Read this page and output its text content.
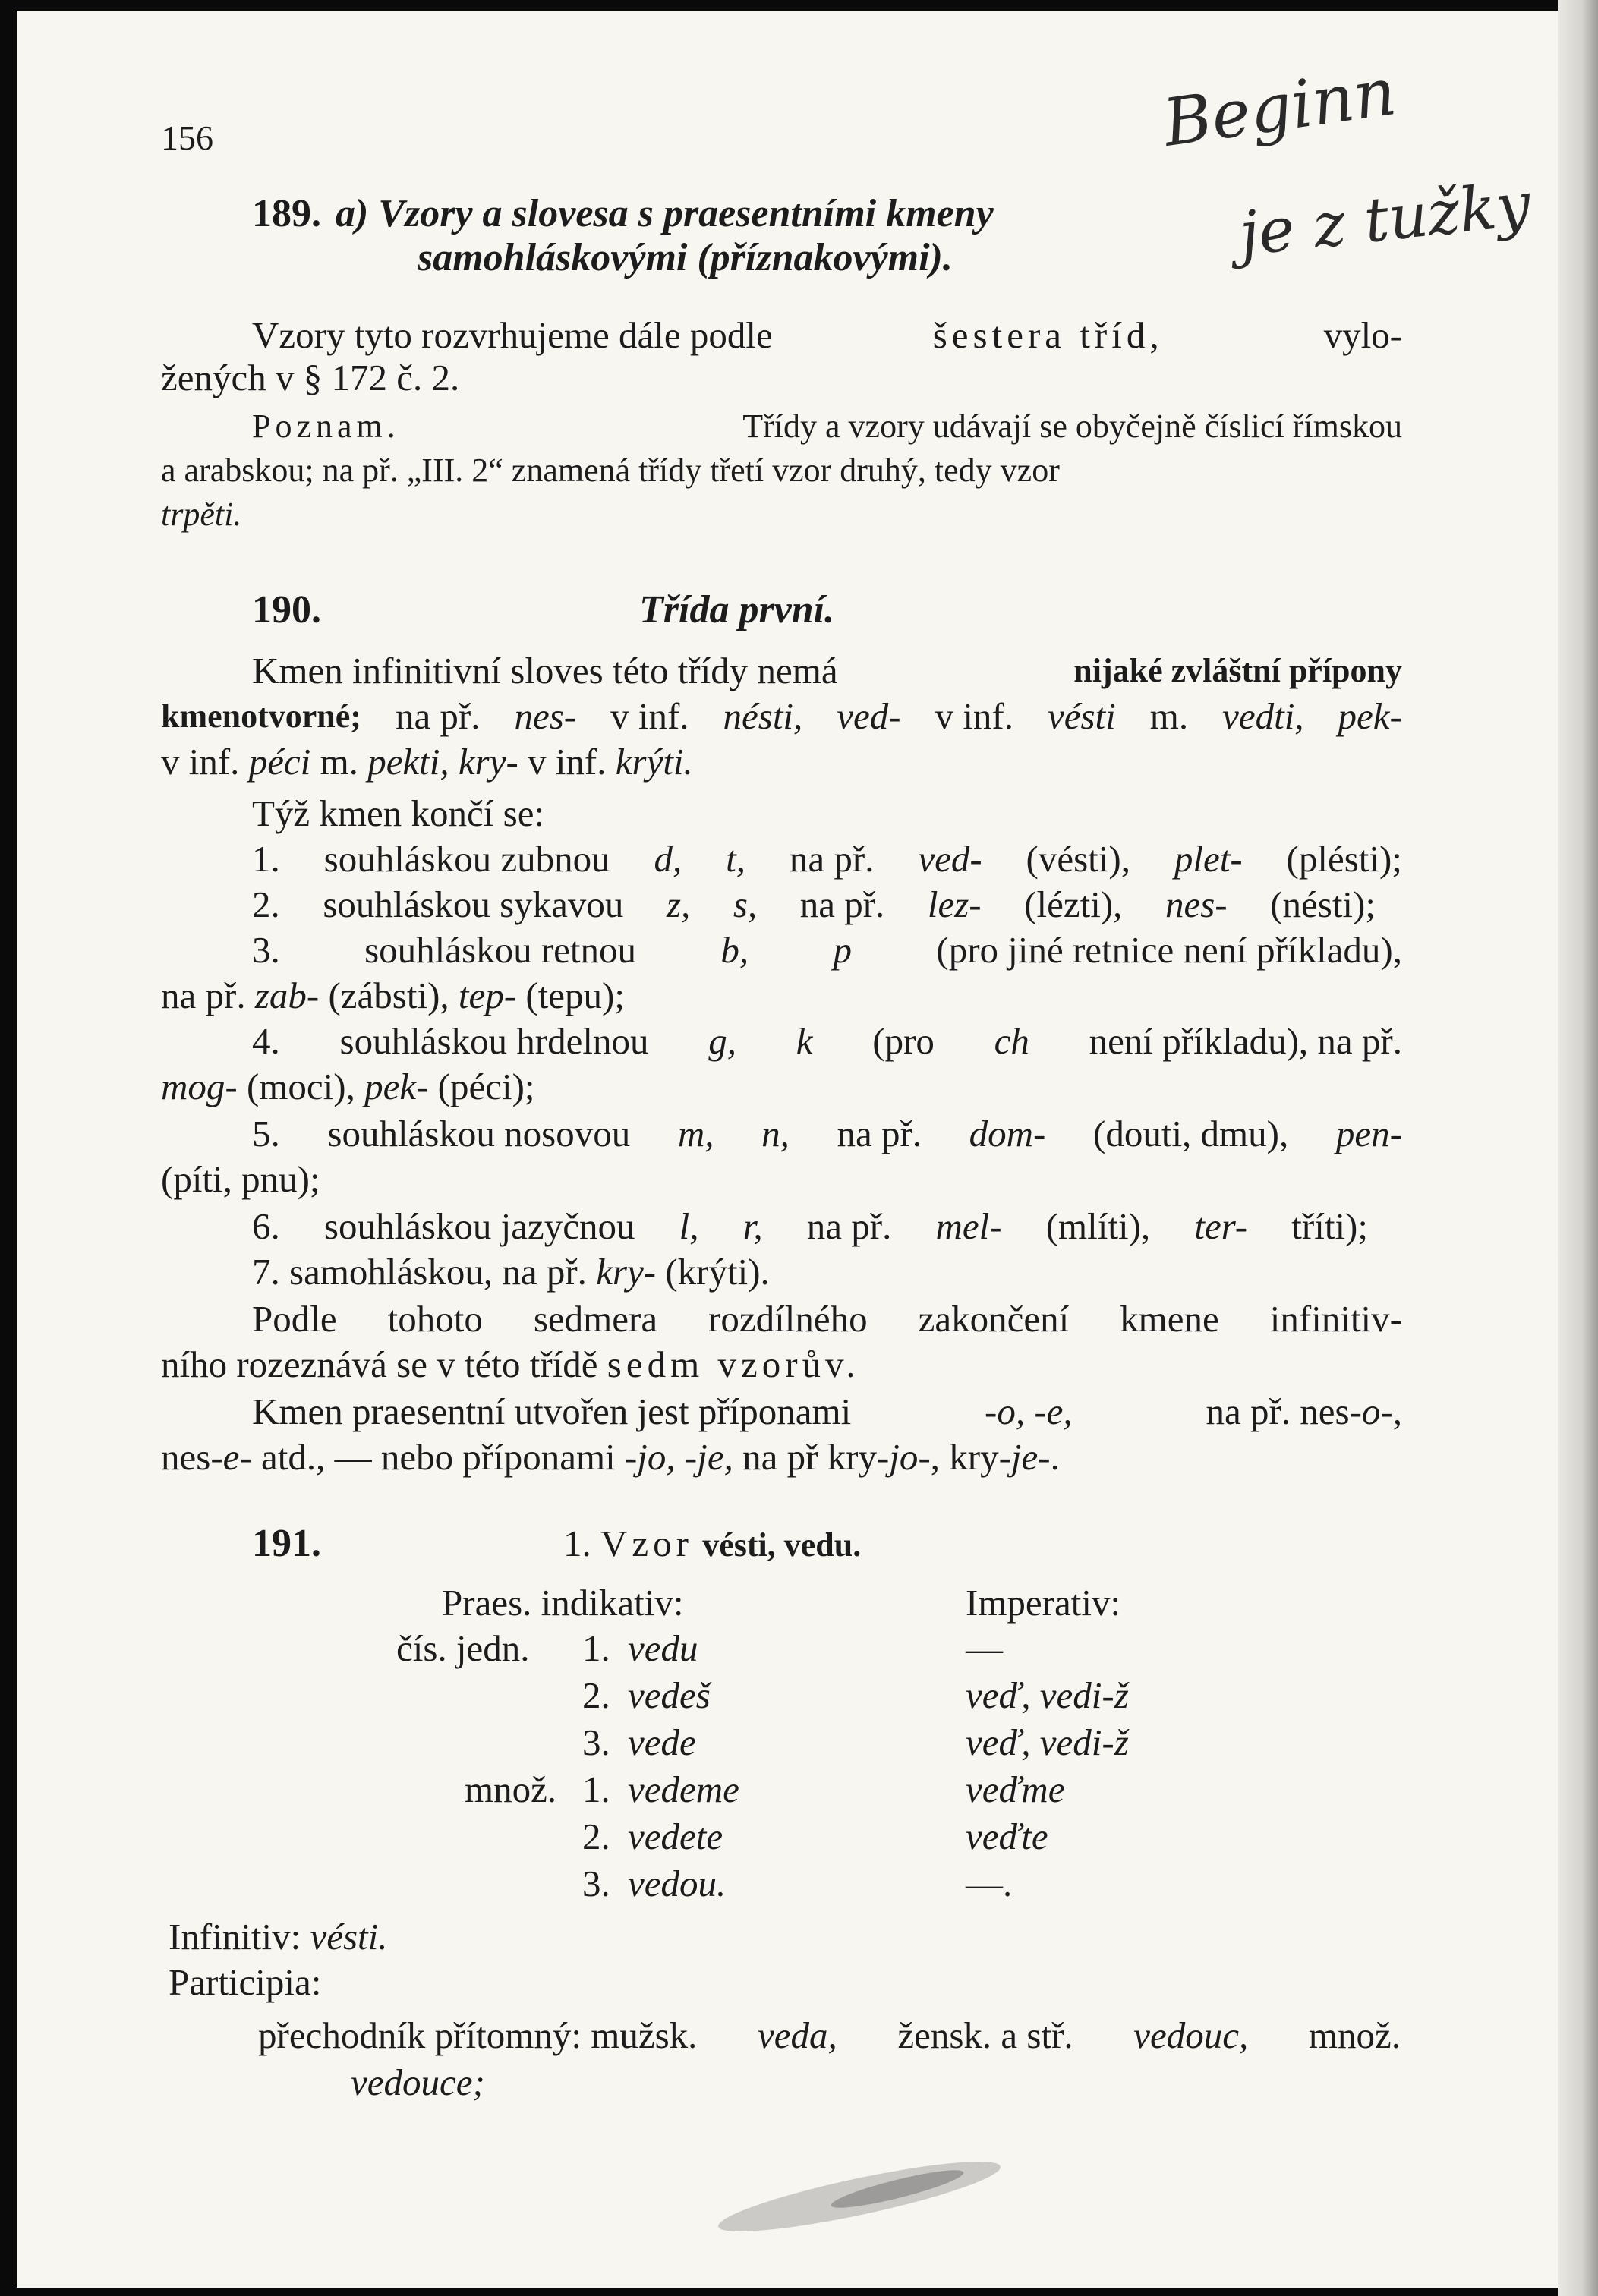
156	Beginn
je z tužky
189. a) Vzory a slovesa s praesentními kmeny
samohláskovými (příznakovými).
Vzory tyto rozvrhujeme dále podle	šestera tříd,	vylo-
žených v § 172 č. 2.
Poznam.	Třídy a vzory udávají se obyčejně číslicí římskou
a arabskou; na př. „III. 2“ znamená třídy třetí vzor druhý, tedy vzor
trpěti.
190.	Třída první.
Kmen infinitivní sloves této třídy nemá	nijaké zvláštní přípony
kmenotvorné; na př. nes- v inf. nésti, ved- v inf. vésti m. vedti, pek-
v inf. péci m. pekti, kry- v inf. krýti.
Týž kmen končí se:
1. souhláskou zubnou d, t, na př. ved- (vésti), plet- (plésti);
2. souhláskou sykavou z, s, na př. lez- (lézti), nes- (nésti);
3. souhláskou retnou b, p (pro jiné retnice není příkladu),
na př. zab- (zábsti), tep- (tepu);
4. souhláskou hrdelnou g, k (pro ch není příkladu), na př.
mog- (moci), pek- (péci);
5. souhláskou nosovou m, n, na př. dom- (douti, dmu), pen-
(píti, pnu);
6. souhláskou jazyčnou l, r, na př. mel- (mlíti), ter- tříti);
7. samohláskou, na př. kry- (krýti).
Podle tohoto sedmera rozdílného zakončení kmene infinitiv-
ního rozeznává se v této třídě sedm vzorův.
Kmen praesentní utvořen jest příponami	-o, -e,	na př. nes-o-,
nes-e- atd., — nebo příponami -jo, -je, na př kry-jo-, kry-je-.
191.	1. Vzor vésti, vedu.
Praes. indikativ:	Imperativ:
čís. jedn. 1. vedu	—
2. vedeš	veď, vedi-ž
3. vede	veď, vedi-ž
množ. 1. vedeme	veďme
2. vedete	veďte
3. vedou.	—.
Infinitiv: vésti.
Participia:
přechodník přítomný: mužsk. veda, žensk. a stř. vedouc, množ.
vedouce;
